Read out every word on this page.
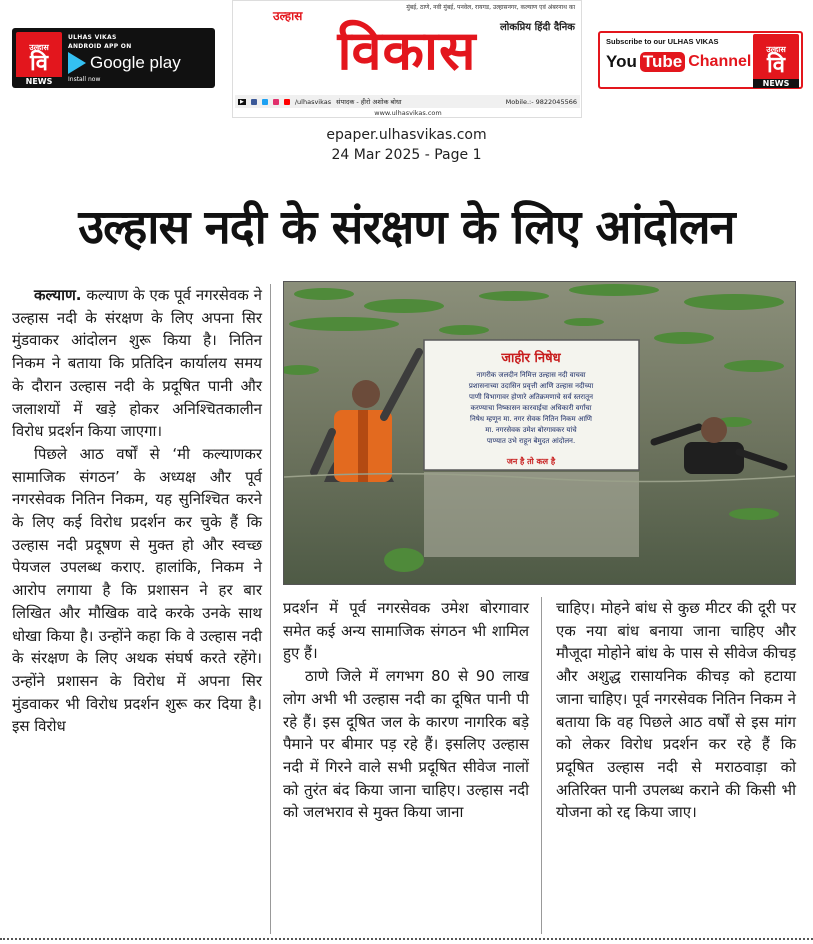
उल्हास
वि
NEWS
ULHAS VIKAS
ANDROID APP ON
Google play
Install now
मुंबई, ठाणे, नवी मुंबई, पनवेल, रायगड, उल्हासनगर, कल्याण एवं अंबरनाथ का
उल्हास
लोकप्रिय हिंदी दैनिक
विकास
▶	/ulhasvikas संपादक - हीरो अशोक बोधा	Mobile.:- 9822045566
www.ulhasvikas.com
Subscribe to our ULHAS VIKAS
You Tube Channel
उल्हास
वि
NEWS
epaper.ulhasvikas.com
24 Mar 2025 - Page 1
उल्हास नदी के संरक्षण के लिए आंदोलन

कल्याण. कल्याण के एक पूर्व नगरसेवक ने उल्हास नदी के संरक्षण के लिए अपना सिर मुंडवाकर आंदोलन शुरू किया है। नितिन निकम ने बताया कि प्रतिदिन कार्यालय समय के दौरान उल्हास नदी के प्रदूषित पानी और जलाशयों में खड़े होकर अनिश्चितकालीन विरोध प्रदर्शन किया जाएगा।

पिछले आठ वर्षों से ‘मी कल्याणकर सामाजिक संगठन’ के अध्यक्ष और पूर्व नगरसेवक नितिन निकम, यह सुनिश्चित करने के लिए कई विरोध प्रदर्शन कर चुके हैं कि उल्हास नदी प्रदूषण से मुक्त हो और स्वच्छ पेयजल उपलब्ध कराए. हालांकि, निकम ने आरोप लगाया है कि प्रशासन ने हर बार लिखित और मौखिक वादे करके उनके साथ धोखा किया है। उन्होंने कहा कि वे उल्हास नदी के संरक्षण के लिए अथक संघर्ष करते रहेंगे। उन्होंने प्रशासन के विरोध में अपना सिर मुंडवाकर भी विरोध प्रदर्शन शुरू कर दिया है। इस विरोध

जाहीर निषेध
नागरीक जलदीन निमित्त उल्हास नदी वाचवा
प्रशासनाच्या उदासिन प्रवृत्ती आणि उल्हास नदीच्या
पाणी विभागावर होणारे अतिक्रमणाचे सर्व स्तरातून
करण्याचा निष्कासन कारवाईचा अधिकारी वर्गांचा
निषेध म्हणून मा. नगर सेवक नितिन निकम आणि
मा. नगरसेवक उमेश बोरगावकर यांचे
पाण्यात उभे राहून बेमुदत आंदोलन.
जन है तो कल है

प्रदर्शन में पूर्व नगरसेवक उमेश बोरगावार समेत कई अन्य सामाजिक संगठन भी शामिल हुए हैं।

ठाणे जिले में लगभग 80 से 90 लाख लोग अभी भी उल्हास नदी का दूषित पानी पी रहे हैं। इस दूषित जल के कारण नागरिक बड़े पैमाने पर बीमार पड़ रहे हैं। इसलिए उल्हास नदी में गिरने वाले सभी प्रदूषित सीवेज नालों को तुरंत बंद किया जाना चाहिए। उल्हास नदी को जलभराव से मुक्त किया जाना

चाहिए। मोहने बांध से कुछ मीटर की दूरी पर एक नया बांध बनाया जाना चाहिए और मौजूदा मोहोने बांध के पास से सीवेज कीचड़ और अशुद्ध रासायनिक कीचड़ को हटाया जाना चाहिए। पूर्व नगरसेवक नितिन निकम ने बताया कि वह पिछले आठ वर्षों से इस मांग को लेकर विरोध प्रदर्शन कर रहे हैं कि प्रदूषित उल्हास नदी से मराठवाड़ा को अतिरिक्त पानी उपलब्ध कराने की किसी भी योजना को रद्द किया जाए।
